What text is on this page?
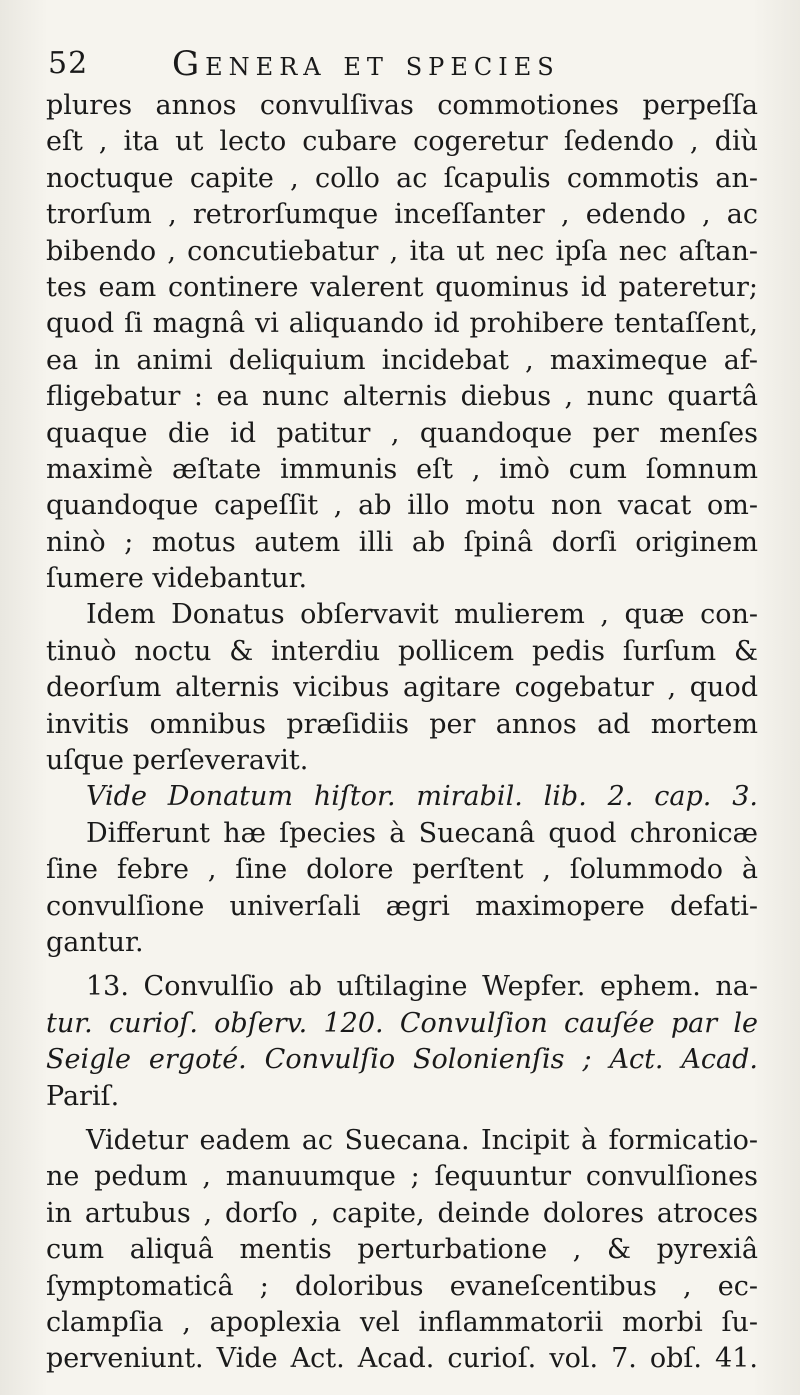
52 Genera et species
plures annos convulſivas commotiones perpeſſa
eſt , ita ut lecto cubare cogeretur ſedendo , diù
noctuque capite , collo ac ſcapulis commotis an-
trorſum , retrorſumque inceſſanter , edendo , ac
bibendo , concutiebatur , ita ut nec ipſa nec aſtan-
tes eam continere valerent quominus id pateretur;
quod ſi magnâ vi aliquando id prohibere tentaſſent,
ea in animi deliquium incidebat , maximeque af-
fligebatur : ea nunc alternis diebus , nunc quartâ
quaque die id patitur , quandoque per menſes
maximè æſtate immunis eſt , imò cum ſomnum
quandoque capeſſit , ab illo motu non vacat om-
ninò ; motus autem illi ab ſpinâ dorſi originem
ſumere videbantur.
Idem Donatus obſervavit mulierem , quæ con-
tinuò noctu & interdiu pollicem pedis ſurſum &
deorſum alternis vicibus agitare cogebatur , quod
invitis omnibus præſidiis per annos ad mortem
uſque perſeveravit.
Vide Donatum hiſtor. mirabil. lib. 2. cap. 3.
Differunt hæ ſpecies à Suecanâ quod chronicæ
ſine febre , ſine dolore perſtent , ſolummodo à
convulſione univerſali ægri maximopere defati-
gantur.
13. Convulſio ab uſtilagine Wepfer. ephem. na-
tur. curioſ. obſerv. 120. Convulſion cauſée par le
Seigle ergoté. Convulſio Solonienſis ; Act. Acad.
Pariſ.
Videtur eadem ac Suecana. Incipit à formicatio-
ne pedum , manuumque ; ſequuntur convulſiones
in artubus , dorſo , capite, deinde dolores atroces
cum aliquâ mentis perturbatione , & pyrexiâ
ſymptomaticâ ; doloribus evaneſcentibus , ec-
clampſia , apoplexia vel inflammatorii morbi ſu-
perveniunt. Vide Act. Acad. curioſ. vol. 7. obſ. 41.
